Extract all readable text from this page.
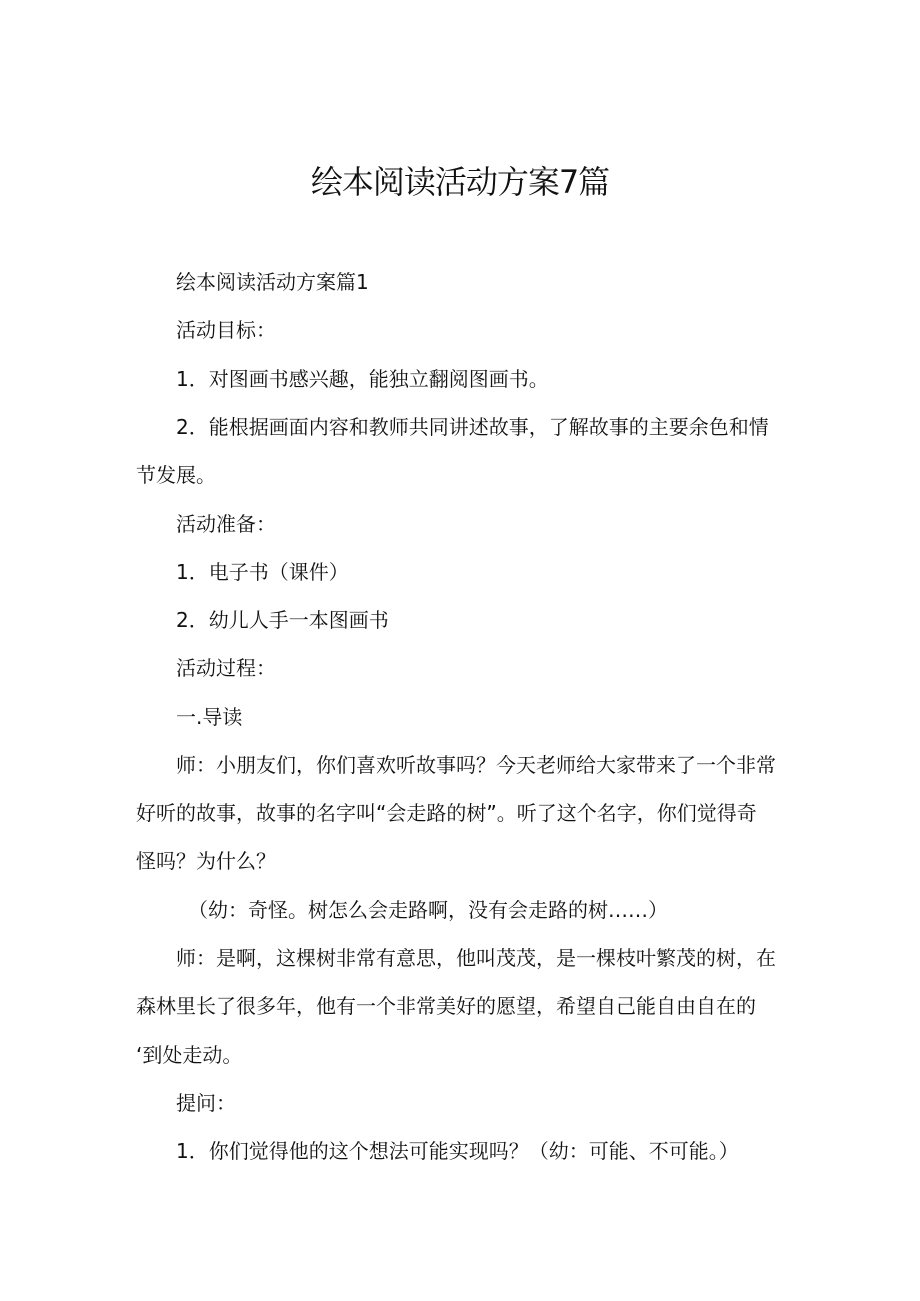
绘本阅读活动方案7篇
绘本阅读活动方案篇1
活动目标：
1．对图画书感兴趣，能独立翻阅图画书。
2．能根据画面内容和教师共同讲述故事，了解故事的主要余色和情
节发展。
活动准备：
1．电子书（课件）
2．幼儿人手一本图画书
活动过程：
一.导读
师：小朋友们，你们喜欢听故事吗？今天老师给大家带来了一个非常
好听的故事，故事的名字叫“会走路的树”。听了这个名字，你们觉得奇
怪吗？为什么？
（幼：奇怪。树怎么会走路啊，没有会走路的树……）
师：是啊，这棵树非常有意思，他叫茂茂，是一棵枝叶繁茂的树，在
森林里长了很多年，他有一个非常美好的愿望，希望自己能自由自在的
‘到处走动。
提问：
1．你们觉得他的这个想法可能实现吗？（幼：可能、不可能。）
